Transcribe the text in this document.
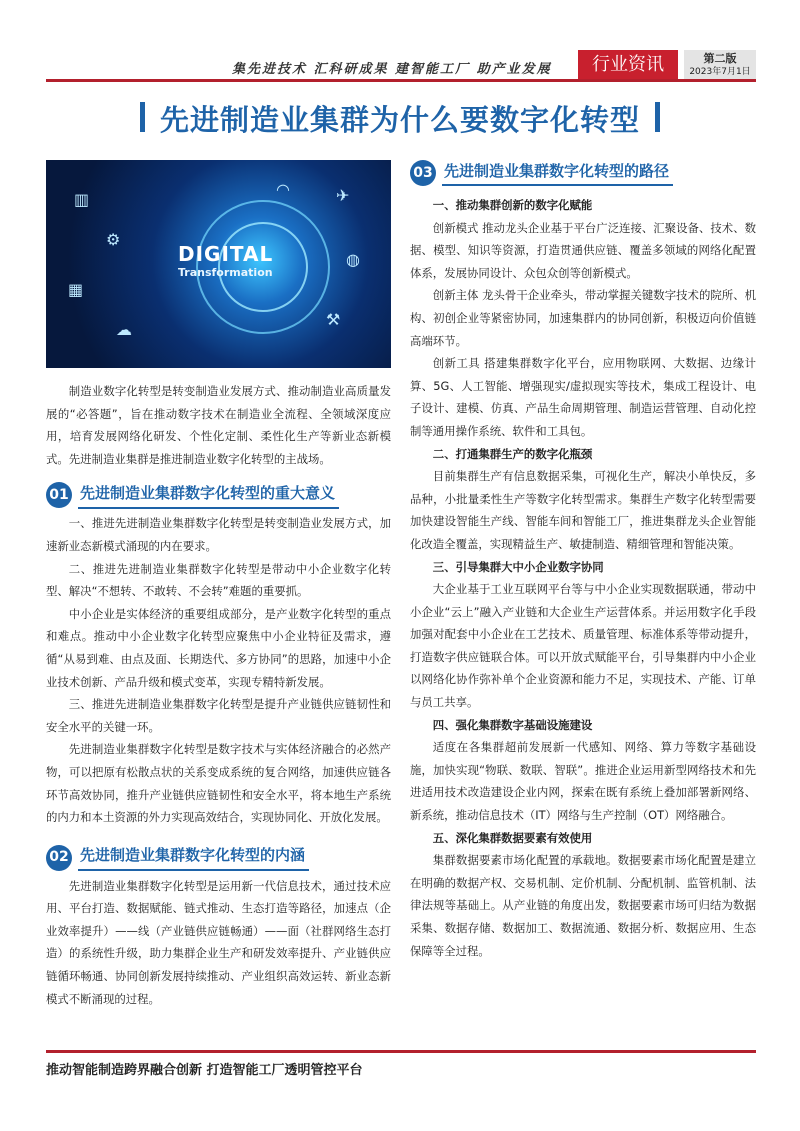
集先进技术 汇科研成果 建智能工厂 助产业发展	行业资讯	第二版
2023年7月1日
先进制造业集群为什么要数字化转型
DIGITAL
Transformation
▥
⚙
▦
☁
✈
◍
⚒
◠

制造业数字化转型是转变制造业发展方式、推动制造业高质量发展的“必答题”，旨在推动数字技术在制造业全流程、全领域深度应用，培育发展网络化研发、个性化定制、柔性化生产等新业态新模式。先进制造业集群是推进制造业数字化转型的主战场。

01 先进制造业集群数字化转型的重大意义

一、推进先进制造业集群数字化转型是转变制造业发展方式，加速新业态新模式涌现的内在要求。

二、推进先进制造业集群数字化转型是带动中小企业数字化转型、解决“不想转、不敢转、不会转”难题的重要抓。

中小企业是实体经济的重要组成部分，是产业数字化转型的重点和难点。推动中小企业数字化转型应聚焦中小企业特征及需求，遵循“从易到难、由点及面、长期迭代、多方协同”的思路，加速中小企业技术创新、产品升级和模式变革，实现专精特新发展。

三、推进先进制造业集群数字化转型是提升产业链供应链韧性和安全水平的关键一环。

先进制造业集群数字化转型是数字技术与实体经济融合的必然产物，可以把原有松散点状的关系变成系统的复合网络，加速供应链各环节高效协同，推升产业链供应链韧性和安全水平，将本地生产系统的内力和本土资源的外力实现高效结合，实现协同化、开放化发展。

02 先进制造业集群数字化转型的内涵

先进制造业集群数字化转型是运用新一代信息技术，通过技术应用、平台打造、数据赋能、链式推动、生态打造等路径，加速点（企业效率提升）——线（产业链供应链畅通）——面（社群网络生态打造）的系统性升级，助力集群企业生产和研发效率提升、产业链供应链循环畅通、协同创新发展持续推动、产业组织高效运转、新业态新模式不断涌现的过程。

03 先进制造业集群数字化转型的路径

一、推动集群创新的数字化赋能

创新模式 推动龙头企业基于平台广泛连接、汇聚设备、技术、数据、模型、知识等资源，打造贯通供应链、覆盖多领域的网络化配置体系，发展协同设计、众包众创等创新模式。

创新主体 龙头骨干企业牵头，带动掌握关键数字技术的院所、机构、初创企业等紧密协同，加速集群内的协同创新，积极迈向价值链高端环节。

创新工具 搭建集群数字化平台，应用物联网、大数据、边缘计算、5G、人工智能、增强现实/虚拟现实等技术，集成工程设计、电子设计、建模、仿真、产品生命周期管理、制造运营管理、自动化控制等通用操作系统、软件和工具包。

二、打通集群生产的数字化瓶颈

目前集群生产有信息数据采集，可视化生产，解决小单快反，多品种，小批量柔性生产等数字化转型需求。集群生产数字化转型需要加快建设智能生产线、智能车间和智能工厂，推进集群龙头企业智能化改造全覆盖，实现精益生产、敏捷制造、精细管理和智能决策。

三、引导集群大中小企业数字协同

大企业基于工业互联网平台等与中小企业实现数据联通，带动中小企业“云上”融入产业链和大企业生产运营体系。并运用数字化手段加强对配套中小企业在工艺技术、质量管理、标准体系等带动提升，打造数字供应链联合体。可以开放式赋能平台，引导集群内中小企业以网络化协作弥补单个企业资源和能力不足，实现技术、产能、订单与员工共享。

四、强化集群数字基础设施建设

适度在各集群超前发展新一代感知、网络、算力等数字基础设施，加快实现“物联、数联、智联”。推进企业运用新型网络技术和先进适用技术改造建设企业内网，探索在既有系统上叠加部署新网络、新系统，推动信息技术（IT）网络与生产控制（OT）网络融合。

五、深化集群数据要素有效使用

集群数据要素市场化配置的承载地。数据要素市场化配置是建立在明确的数据产权、交易机制、定价机制、分配机制、监管机制、法律法规等基础上。从产业链的角度出发，数据要素市场可归结为数据采集、数据存储、数据加工、数据流通、数据分析、数据应用、生态保障等全过程。

推动智能制造跨界融合创新 打造智能工厂透明管控平台
